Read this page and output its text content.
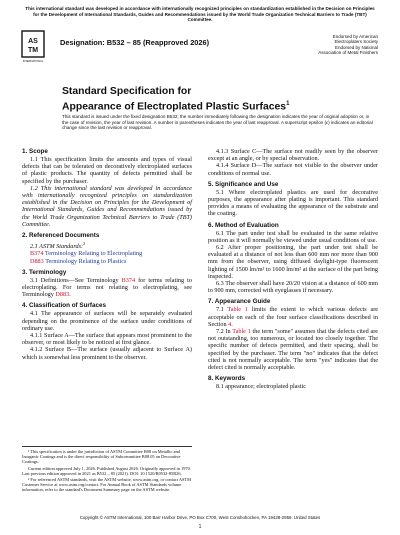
This international standard was developed in accordance with internationally recognized principles on standardization established in the Decision on Principles for the Development of International Standards, Guides and Recommendations issued by the World Trade Organization Technical Barriers to Trade (TBT) Committee.
AS
TM
INTERNATIONAL
Designation: B532 – 85 (Reapproved 2026)
Endorsed by American
Electroplaters Society
Endorsed by National
Association of Metal Finishers
Standard Specification for
Appearance of Electroplated Plastic Surfaces$^1$
This standard is issued under the fixed designation B532; the number immediately following the designation indicates the year of original adoption or, in the case of revision, the year of last revision. A number in parentheses indicates the year of last reapproval. A superscript epsilon (ε) indicates an editorial change since the last revision or reapproval.
1. Scope

1.1 This specification limits the amounts and types of visual defects that can be tolerated on decoratively electroplated surfaces of plastic products. The quantity of defects permitted shall be specified by the purchaser.

1.2 This international standard was developed in accordance with internationally recognized principles on standardization established in the Decision on Principles for the Development of International Standards, Guides and Recommendations issued by the World Trade Organization Technical Barriers to Trade (TBT) Committee.

2. Referenced Documents

2.1 ASTM Standards:$^2$

B374 Terminology Relating to Electroplating

D883 Terminology Relating to Plastics

3. Terminology

3.1 Definitions—See Terminology B374 for terms relating to electroplating. For terms not relating to electroplating, see Terminology D883.

4. Classification of Surfaces

4.1 The appearance of surfaces will be separately evaluated depending on the prominence of the surface under conditions of ordinary use.

4.1.1 Surface A—The surface that appears most prominent to the observer, or most likely to be noticed at first glance.

4.1.2 Surface B—The surface (usually adjacent to Surface A) which is somewhat less prominent to the observer.

4.1.3 Surface C—The surface not readily seen by the observer except at an angle, or by special observation.

4.1.4 Surface D—The surface not visible to the observer under conditions of normal use.

5. Significance and Use

5.1 Where electroplated plastics are used for decorative purposes, the appearance after plating is important. This standard provides a means of evaluating the appearance of the substrate and the coating.

6. Method of Evaluation

6.1 The part under test shall be evaluated in the same relative position as it will normally be viewed under usual conditions of use.

6.2 After proper positioning, the part under test shall be evaluated at a distance of not less than 600 mm nor more than 900 mm from the observer, using diffused daylight-type fluorescent lighting of 1500 lm/m² to 1600 lm/m² at the surface of the part being inspected.

6.3 The observer shall have 20/20 vision at a distance of 600 mm to 900 mm, corrected with eyeglasses if necessary.

7. Appearance Guide

7.1 Table 1 limits the extent to which various defects are acceptable on each of the four surface classifications described in Section 4.

7.2 In Table 1 the term "some" assumes that the defects cited are not outstanding, too numerous, or located too closely together. The specific number of defects permitted, and their spacing, shall be specified by the purchaser. The term "no" indicates that the defect cited is not normally acceptable. The term "yes" indicates that the defect cited is normally acceptable.

8. Keywords

8.1 appearance; electroplated plastic

¹ This specification is under the jurisdiction of ASTM Committee B08 on Metallic and Inorganic Coatings and is the direct responsibility of Subcommittee B08.05 on Decorative Coatings.

Current edition approved July 1, 2026. Published August 2026. Originally approved in 1970. Last previous edition approved in 2021 as B532 – 85 (2021). DOI: 10.1520/B0532-85R26.

² For referenced ASTM standards, visit the ASTM website, www.astm.org, or contact ASTM Customer Service at www.astm.org/contact. For Annual Book of ASTM Standards volume information, refer to the standard's Document Summary page on the ASTM website.

Copyright © ASTM International, 100 Barr Harbor Drive, PO Box C700, West Conshohocken, PA 19428-2959. United States
1
